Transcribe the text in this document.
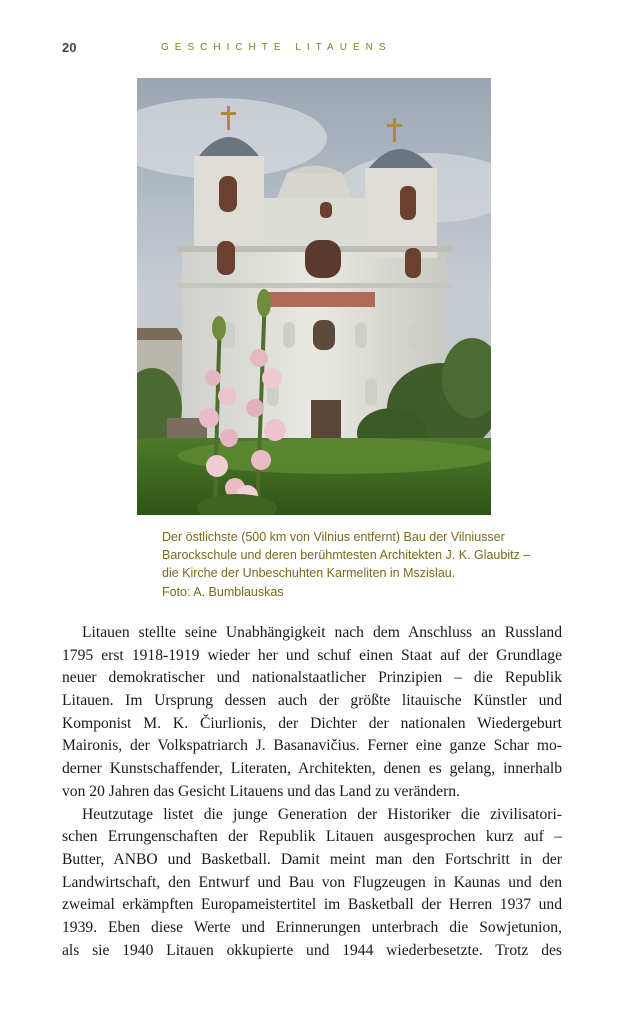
20	GESCHICHTE LITAUENS

Der östlichste (500 km von Vilnius entfernt) Bau der Vilniusser

Barockschule und deren berühmtesten Architekten J. K. Glaubitz –

die Kirche der Unbeschuhten Karmeliten in Mszislau.

Foto: A. Bumblauskas

Litauen stellte seine Unabhängigkeit nach dem Anschluss an Russland
1795 erst 1918-1919 wieder her und schuf einen Staat auf der Grundlage
neuer demokratischer und nationalstaatlicher Prinzipien – die Republik
Litauen. Im Ursprung dessen auch der größte litauische Künstler und
Komponist M. K. Čiurlionis, der Dichter der nationalen Wiedergeburt
Maironis, der Volkspatriarch J. Basanavičius. Ferner eine ganze Schar mo-
derner Kunstschaffender, Literaten, Architekten, denen es gelang, innerhalb
von 20 Jahren das Gesicht Litauens und das Land zu verändern.
Heutzutage listet die junge Generation der Historiker die zivilisatori-
schen Errungenschaften der Republik Litauen ausgesprochen kurz auf –
Butter, ANBO und Basketball. Damit meint man den Fortschritt in der
Landwirtschaft, den Entwurf und Bau von Flugzeugen in Kaunas und den
zweimal erkämpften Europameistertitel im Basketball der Herren 1937 und
1939. Eben diese Werte und Erinnerungen unterbrach die Sowjetunion,
als sie 1940 Litauen okkupierte und 1944 wiederbesetzte. Trotz des
